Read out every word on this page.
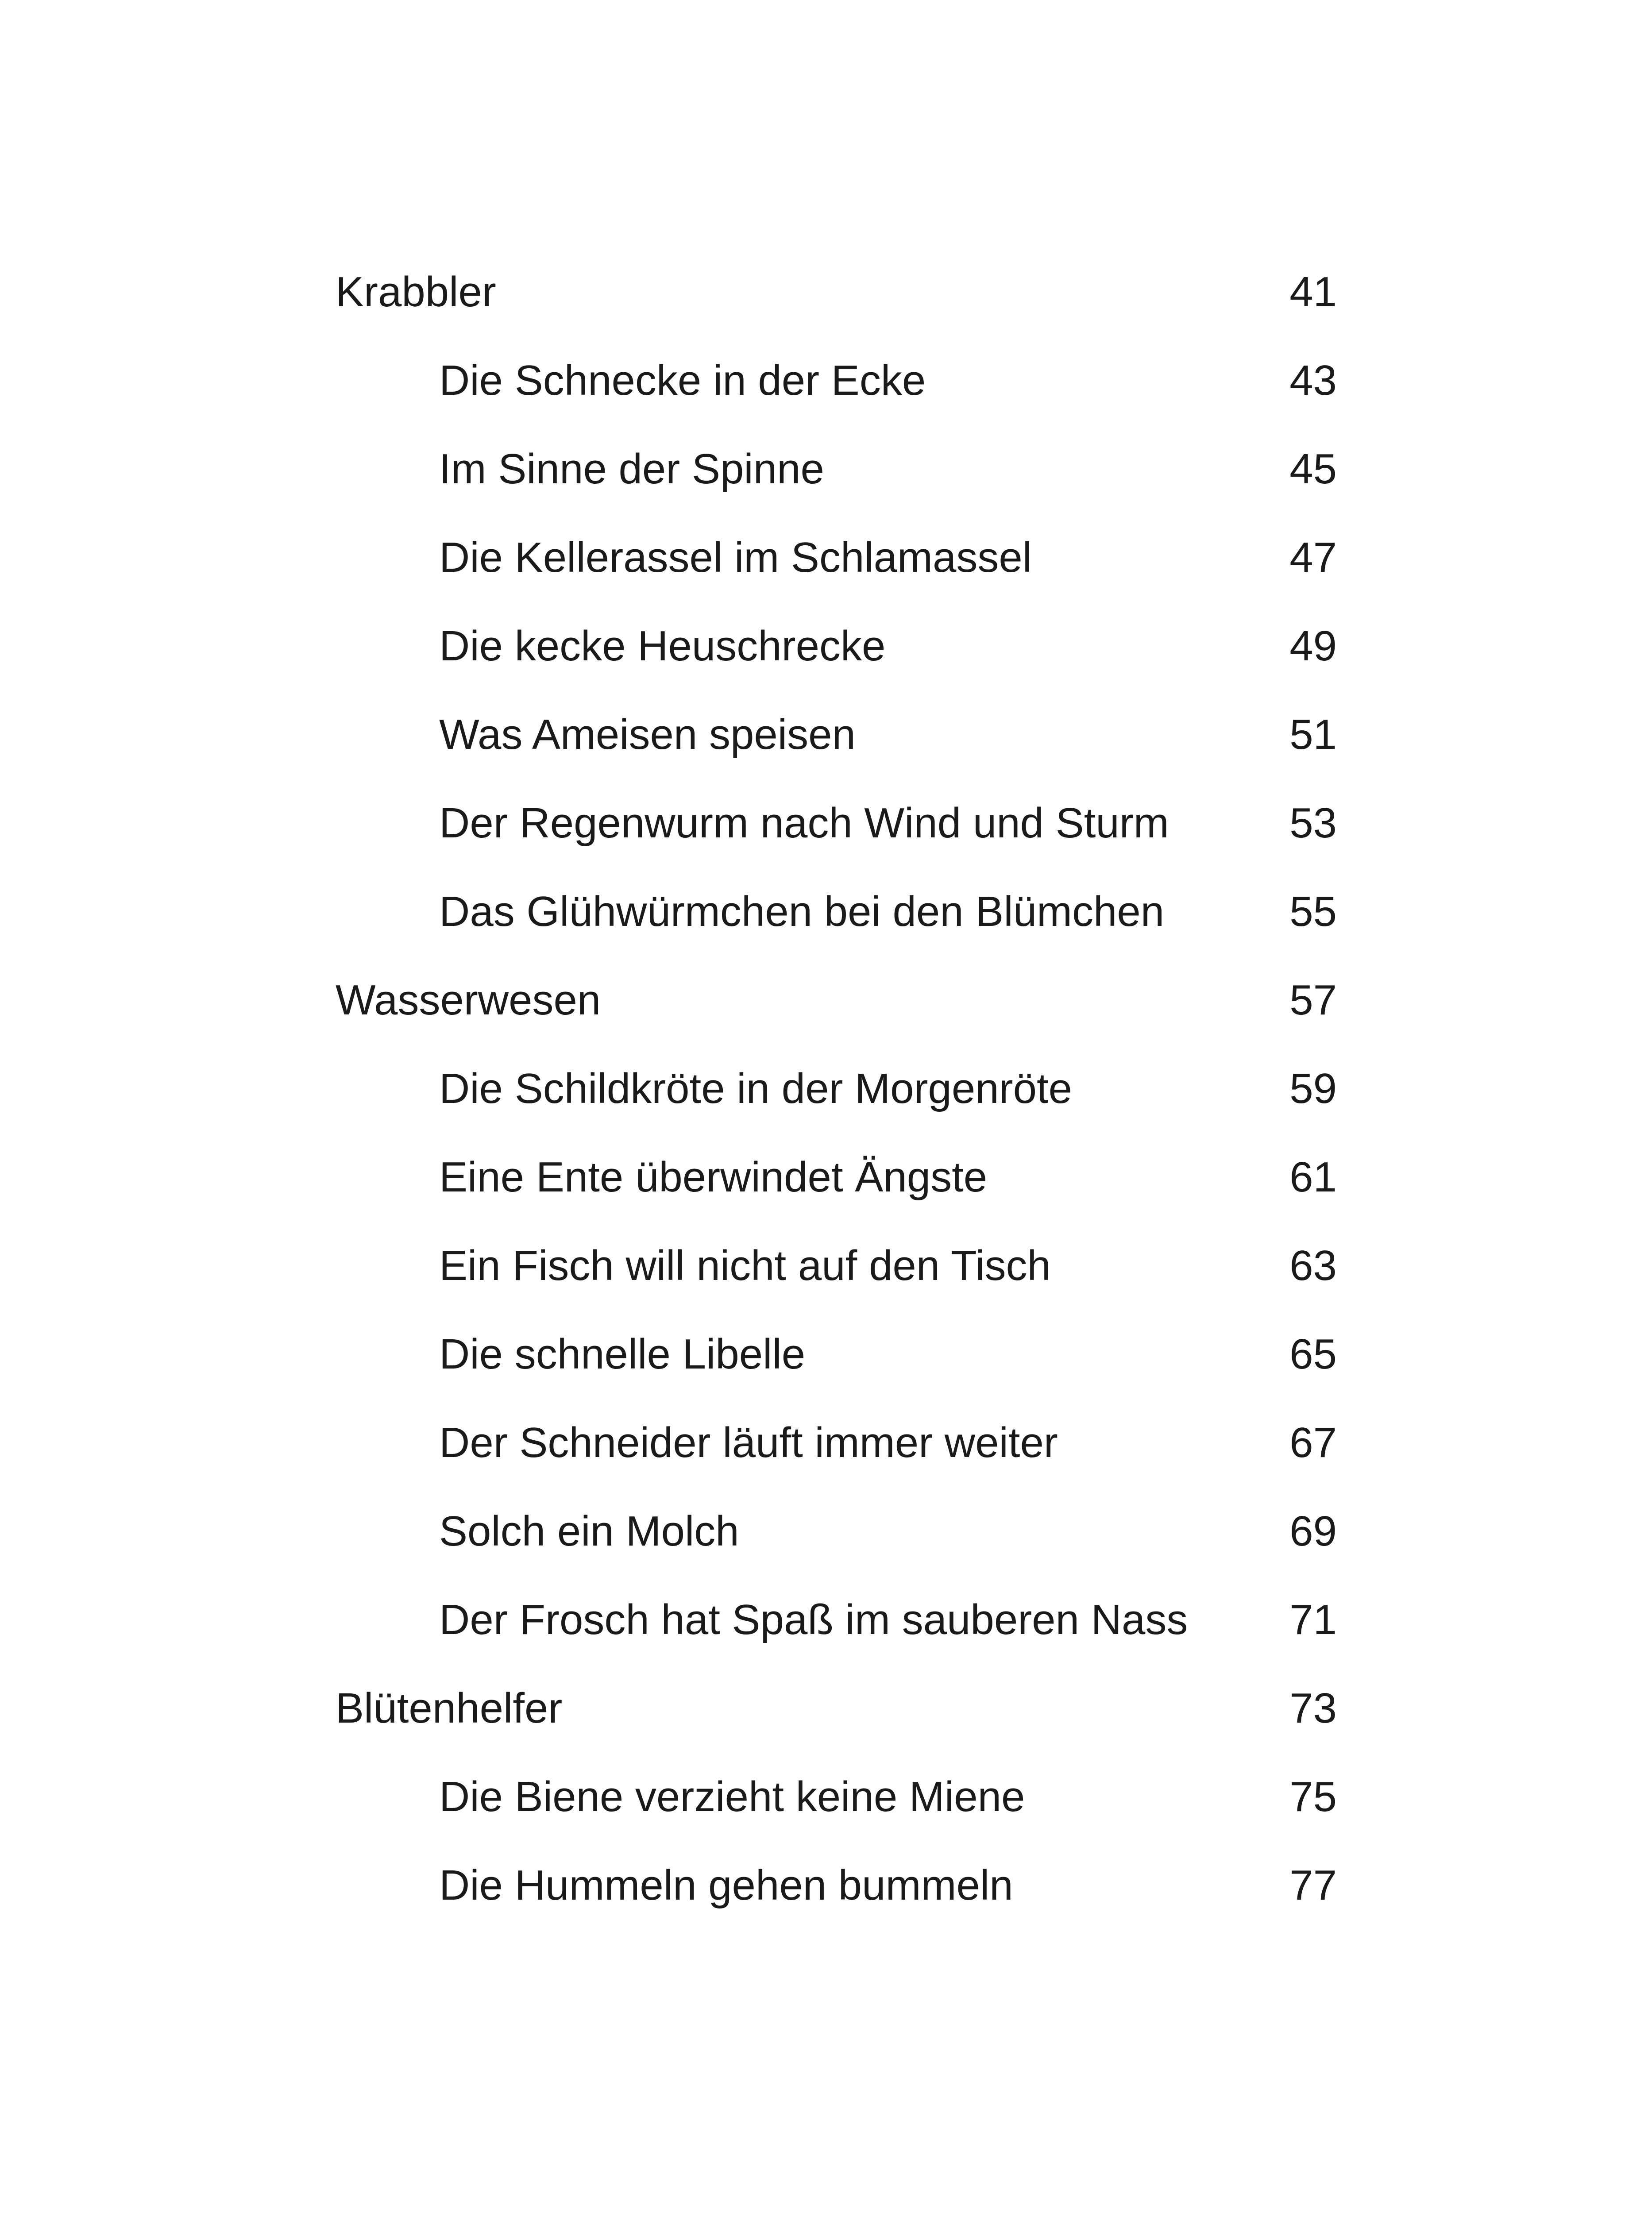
Krabbler	41
Die Schnecke in der Ecke	43
Im Sinne der Spinne	45
Die Kellerassel im Schlamassel	47
Die kecke Heuschrecke	49
Was Ameisen speisen	51
Der Regenwurm nach Wind und Sturm	53
Das Glühwürmchen bei den Blümchen	55
Wasserwesen	57
Die Schildkröte in der Morgenröte	59
Eine Ente überwindet Ängste	61
Ein Fisch will nicht auf den Tisch	63
Die schnelle Libelle	65
Der Schneider läuft immer weiter	67
Solch ein Molch	69
Der Frosch hat Spaß im sauberen Nass 71
Blütenhelfer	73
Die Biene verzieht keine Miene	75
Die Hummeln gehen bummeln	77
